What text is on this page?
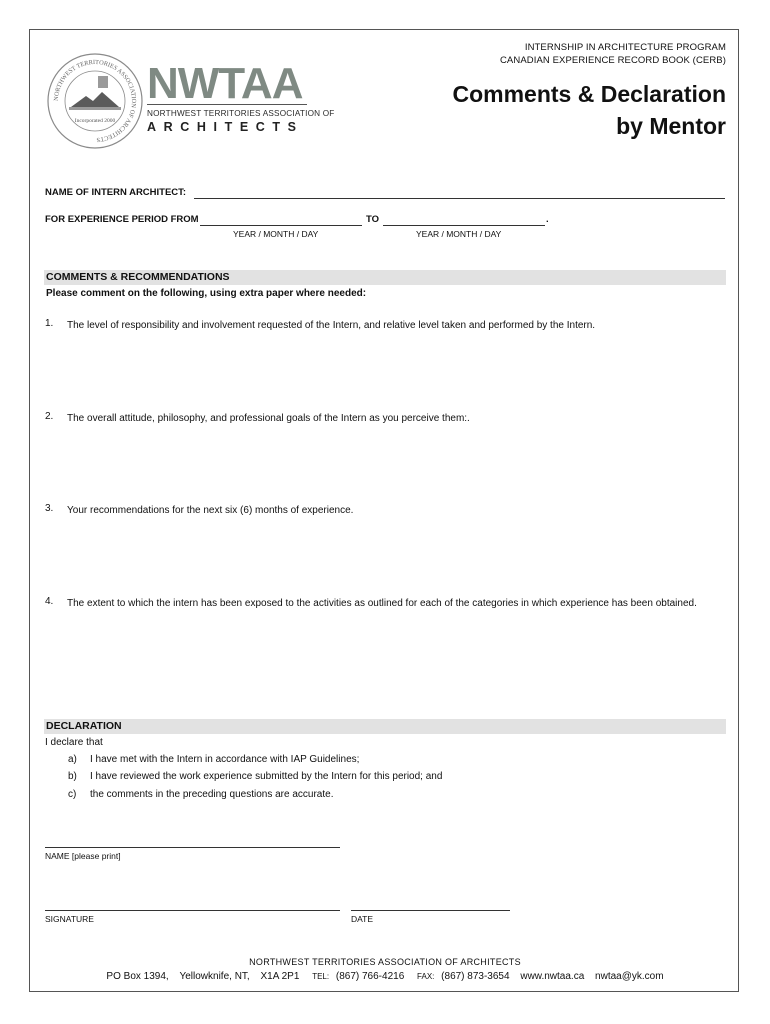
NORTHWEST TERRITORIES ASSOCIATION OF ARCHITECTS
Incorporated 2000
NWTAA
NORTHWEST TERRITORIES ASSOCIATION OF
ARCHITECTS
INTERNSHIP IN ARCHITECTURE PROGRAM
CANADIAN EXPERIENCE RECORD BOOK (CERB)
Comments & Declaration
by Mentor
NAME OF INTERN ARCHITECT:
FOR EXPERIENCE PERIOD FROM	TO	.
YEAR / MONTH / DAY	YEAR / MONTH / DAY
COMMENTS & RECOMMENDATIONS
Please comment on the following, using extra paper where needed:
1. The level of responsibility and involvement requested of the Intern, and relative level taken and performed by the Intern.
2. The overall attitude, philosophy, and professional goals of the Intern as you perceive them:.
3. Your recommendations for the next six (6) months of experience.
4. The extent to which the intern has been exposed to the activities as outlined for each of the categories in which experience has been obtained.
DECLARATION
I declare that
a) I have met with the Intern in accordance with IAP Guidelines;
b) I have reviewed the work experience submitted by the Intern for this period; and
c) the comments in the preceding questions are accurate.
NAME [please print]
SIGNATURE	DATE
NORTHWEST TERRITORIES ASSOCIATION OF ARCHITECTS
PO Box 1394, Yellowknife, NT, X1A 2P1 TEL: (867) 766-4216 FAX: (867) 873-3654 www.nwtaa.ca nwtaa@yk.com
